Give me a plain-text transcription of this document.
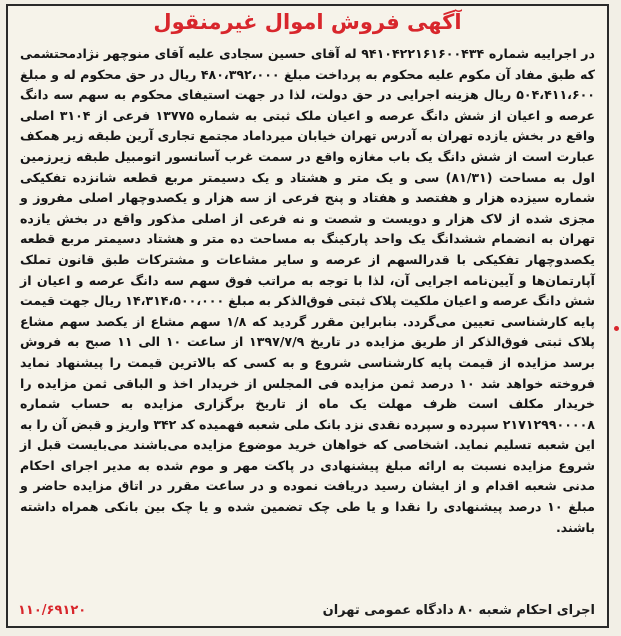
آگهی فروش اموال غیرمنقول
در اجراییه شماره ۹۴۱۰۴۲۲۱۶۱۶۰۰۴۳۴ له آقای حسین سجادی علیه آقای منوچهر نژادمحتشمی که طبق مفاد آن مکوم علیه محکوم به پرداخت مبلغ ۴۸۰،۳۹۲،۰۰۰ ریال در حق محکوم له و مبلغ ۵۰۴،۴۱۱،۶۰۰ ریال هزینه اجرایی در حق دولت، لذا در جهت استیفای محکوم به سهم سه دانگ عرصه و اعیان از شش دانگ عرصه و اعیان ملک ثبتی به شماره ۱۳۷۷۵ فرعی از ۳۱۰۴ اصلی واقع در بخش یازده تهران به آدرس تهران خیابان میرداماد مجتمع تجاری آرین طبقه زیر همکف عبارت است از شش دانگ یک باب مغازه واقع در سمت غرب آسانسور اتومبیل طبقه زیرزمین اول به مساحت (۸۱/۳۱) سی و یک متر و هشتاد و یک دسیمتر مربع قطعه شانزده تفکیکی شماره سیزده هزار و هفتصد و هفتاد و پنج فرعی از سه هزار و یکصدوچهار اصلی مفروز و مجزی شده از لاک هزار و دویست و شصت و نه فرعی از اصلی مذکور واقع در بخش یازده تهران به انضمام ششدانگ یک واحد پارکینگ به مساحت ده متر و هشتاد دسیمتر مربع قطعه یکصدوچهار تفکیکی با قدرالسهم از عرصه و سایر مشاعات و مشترکات طبق قانون تملک آپارتمان‌ها و آیین‌نامه اجرایی آن، لذا با توجه به مراتب فوق سهم سه دانگ عرصه و اعیان از شش دانگ عرصه و اعیان ملکیت پلاک ثبتی فوق‌الذکر به مبلغ ۱۴،۳۱۴،۵۰۰،۰۰۰ ریال جهت قیمت پایه کارشناسی تعیین می‌گردد. بنابراین مقرر گردید که ۱/۸ سهم مشاع از یکصد سهم مشاع پلاک ثبتی فوق‌الذکر از طریق مزایده در تاریخ ۱۳۹۷/۷/۹ از ساعت ۱۰ الی ۱۱ صبح به فروش برسد مزایده از قیمت پایه کارشناسی شروع و به کسی که بالاترین قیمت را پیشنهاد نماید فروخته خواهد شد ۱۰ درصد ثمن مزایده فی المجلس از خریدار اخذ و الباقی ثمن مزایده را خریدار مکلف است ظرف مهلت یک ماه از تاریخ برگزاری مزایده به حساب شماره ۲۱۷۱۲۹۹۰۰۰۰۸ سپرده و سپرده نقدی نزد بانک ملی شعبه فهمیده کد ۳۴۲ واریز و قبض آن را به این شعبه تسلیم نماید. اشخاصی که خواهان خرید موضوع مزایده می‌باشند می‌بایست قبل از شروع مزایده نسبت به ارائه مبلغ پیشنهادی در پاکت مهر و موم شده به مدیر اجرای احکام مدنی شعبه اقدام و از ایشان رسید دریافت نموده و در ساعت مقرر در اتاق مزایده حاضر و مبلغ ۱۰ درصد پیشنهادی را نقدا و یا طی چک تضمین شده و یا چک بین بانکی همراه داشته باشند.
اجرای احکام شعبه ۸۰ دادگاه عمومی تهران
۱۱۰/۶۹۱۲۰
